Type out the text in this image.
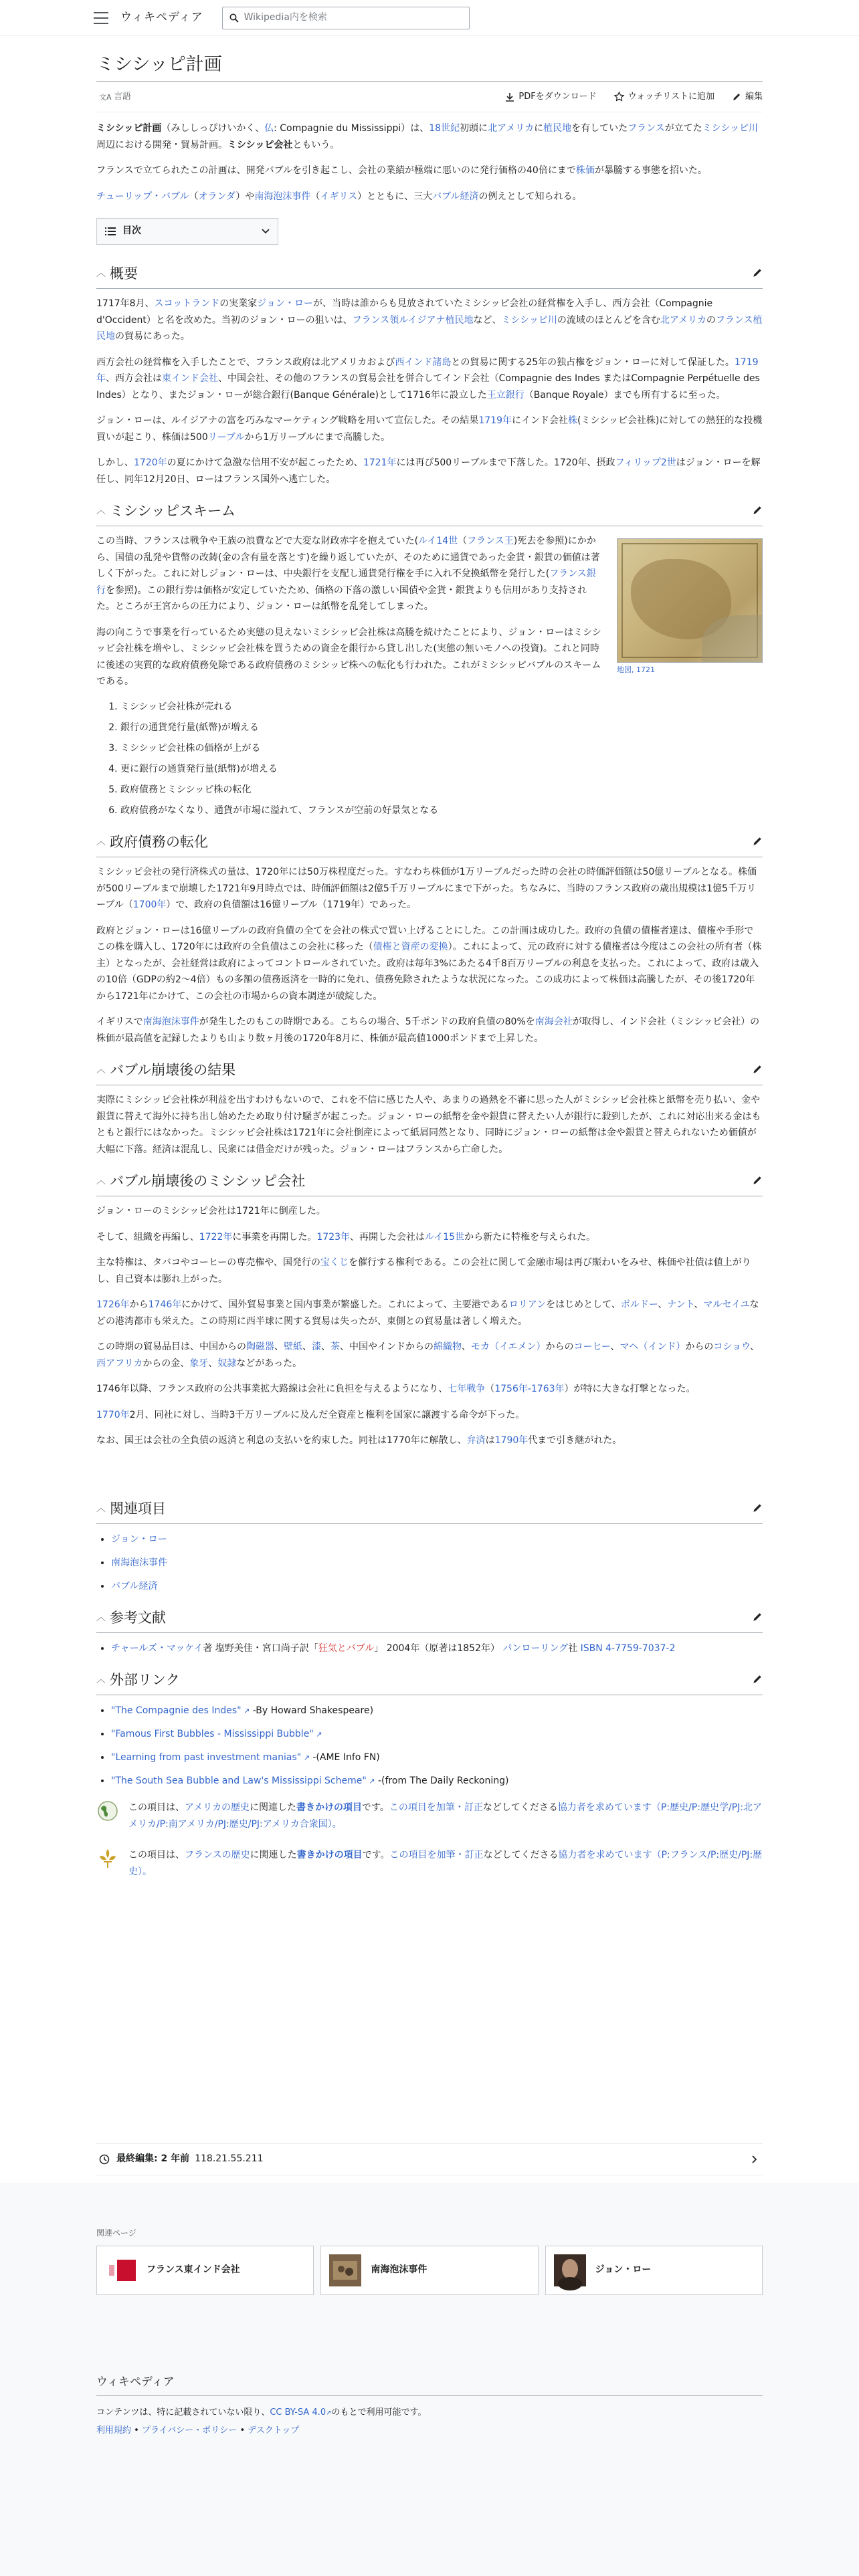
ウィキペディア	Wikipedia内を検索
ミシシッピ計画
文A 言語	PDFをダウンロード	ウォッチリストに追加	編集

ミシシッピ計画（みししっぴけいかく、仏: Compagnie du Mississippi）は、18世紀初頭に北アメリカに植民地を有していたフランスが立てたミシシッピ川周辺における開発・貿易計画。ミシシッピ会社ともいう。

フランスで立てられたこの計画は、開発バブルを引き起こし、会社の業績が極端に悪いのに発行価格の40倍にまで株価が暴騰する事態を招いた。

チューリップ・バブル（オランダ）や南海泡沫事件（イギリス）とともに、三大バブル経済の例えとして知られる。

目次
︿ 概要

1717年8月、スコットランドの実業家ジョン・ローが、当時は誰からも見放されていたミシシッピ会社の経営権を入手し、西方会社（Compagnie d'Occident）と名を改めた。当初のジョン・ローの狙いは、フランス領ルイジアナ植民地など、ミシシッピ川の流域のほとんどを含む北アメリカのフランス植民地の貿易にあった。

西方会社の経営権を入手したことで、フランス政府は北アメリカおよび西インド諸島との貿易に関する25年の独占権をジョン・ローに対して保証した。1719年、西方会社は東インド会社、中国会社、その他のフランスの貿易会社を併合してインド会社（Compagnie des Indes またはCompagnie Perpétuelle des Indes）となり、またジョン・ローが総合銀行(Banque Générale)として1716年に設立した王立銀行（Banque Royale）までも所有するに至った。

ジョン・ローは、ルイジアナの富を巧みなマーケティング戦略を用いて宣伝した。その結果1719年にインド会社株(ミシシッピ会社株)に対しての熱狂的な投機買いが起こり、株価は500リーブルから1万リーブルにまで高騰した。

しかし、1720年の夏にかけて急激な信用不安が起こったため、1721年には再び500リーブルまで下落した。1720年、摂政フィリップ2世はジョン・ローを解任し、同年12月20日、ローはフランス国外へ逃亡した。

︿ ミシシッピスキーム
地図, 1721

この当時、フランスは戦争や王族の浪費などで大変な財政赤字を抱えていた(ルイ14世（フランス王)死去を参照)にかから、国債の乱発や貨幣の改鋳(金の含有量を落とす)を繰り返していたが、そのために通貨であった金貨・銀貨の価値は著しく下がった。これに対しジョン・ローは、中央銀行を支配し通貨発行権を手に入れ不兌換紙幣を発行した(フランス銀行を参照)。この銀行券は価格が安定していたため、価格の下落の激しい国債や金貨・銀貨よりも信用があり支持された。ところが王宮からの圧力により、ジョン・ローは紙幣を乱発してしまった。

海の向こうで事業を行っているため実態の見えないミシシッピ会社株は高騰を続けたことにより、ジョン・ローはミシシッピ会社株を増やし、ミシシッピ会社株を買うための資金を銀行から貸し出した(実態の無いモノへの投資)。これと同時に後述の実質的な政府債務免除である政府債務のミシシッピ株への転化も行われた。これがミシシッピバブルのスキームである。

1. ミシシッピ会社株が売れる
2. 銀行の通貨発行量(紙幣)が増える
3. ミシシッピ会社株の価格が上がる
4. 更に銀行の通貨発行量(紙幣)が増える
5. 政府債務とミシシッピ株の転化
6. 政府債務がなくなり、通貨が市場に溢れて、フランスが空前の好景気となる
︿ 政府債務の転化

ミシシッピ会社の発行済株式の量は、1720年には50万株程度だった。すなわち株価が1万リーブルだった時の会社の時価評価額は50億リーブルとなる。株価が500リーブルまで崩壊した1721年9月時点では、時価評価額は2億5千万リーブルにまで下がった。ちなみに、当時のフランス政府の歳出規模は1億5千万リーブル（1700年）で、政府の負債額は16億リーブル（1719年）であった。

政府とジョン・ローは16億リーブルの政府負債の全てを会社の株式で買い上げることにした。この計画は成功した。政府の負債の債権者達は、債権や手形でこの株を購入し、1720年には政府の全負債はこの会社に移った（債権と資産の変換）。これによって、元の政府に対する債権者は今度はこの会社の所有者（株主）となったが、会社経営は政府によってコントロールされていた。政府は毎年3%にあたる4千8百万リーブルの利息を支払った。これによって、政府は歳入の10倍（GDPの約2〜4倍）もの多額の債務返済を一時的に免れ、債務免除されたような状況になった。この成功によって株価は高騰したが、その後1720年から1721年にかけて、この会社の市場からの資本調達が破綻した。

イギリスで南海泡沫事件が発生したのもこの時期である。こちらの場合、5千ポンドの政府負債の80%を南海会社が取得し、インド会社（ミシシッピ会社）の株価が最高値を記録したよりも山より数ヶ月後の1720年8月に、株価が最高値1000ポンドまで上昇した。

︿ バブル崩壊後の結果

実際にミシシッピ会社株が利益を出すわけもないので、これを不信に感じた人や、あまりの過熱を不審に思った人がミシシッピ会社株と紙幣を売り払い、金や銀貨に替えて海外に持ち出し始めたため取り付け騒ぎが起こった。ジョン・ローの紙幣を金や銀貨に替えたい人が銀行に殺到したが、これに対応出来る金はもともと銀行にはなかった。ミシシッピ会社株は1721年に会社倒産によって紙屑同然となり、同時にジョン・ローの紙幣は金や銀貨と替えられないため価値が大幅に下落。経済は混乱し、民衆には借金だけが残った。ジョン・ローはフランスから亡命した。

︿ バブル崩壊後のミシシッピ会社

ジョン・ローのミシシッピ会社は1721年に倒産した。

そして、組織を再編し、1722年に事業を再開した。1723年、再開した会社はルイ15世から新たに特権を与えられた。

主な特権は、タバコやコーヒーの専売権や、国発行の宝くじを催行する権利である。この会社に関して金融市場は再び賑わいをみせ、株価や社債は値上がりし、自己資本は膨れ上がった。

1726年から1746年にかけて、国外貿易事業と国内事業が繁盛した。これによって、主要港であるロリアンをはじめとして、ボルドー、ナント、マルセイユなどの港湾都市も栄えた。この時期に西半球に関する貿易は失ったが、東側との貿易量は著しく増えた。

この時期の貿易品目は、中国からの陶磁器、壁紙、漆、茶、中国やインドからの綿織物、モカ（イエメン）からのコーヒー、マヘ（インド）からのコショウ、西アフリカからの金、象牙、奴隷などがあった。

1746年以降、フランス政府の公共事業拡大路線は会社に負担を与えるようになり、七年戦争（1756年-1763年）が特に大きな打撃となった。

1770年2月、同社に対し、当時3千万リーブルに及んだ全資産と権利を国家に譲渡する命令が下った。

なお、国王は会社の全負債の返済と利息の支払いを約束した。同社は1770年に解散し、弁済は1790年代まで引き継がれた。

︿ 関連項目
• ジョン・ロー
• 南海泡沫事件
• バブル経済
︿ 参考文献
• チャールズ・マッケイ著 塩野美佳・宮口尚子訳「狂気とバブル」 2004年（原著は1852年） パンローリング社 ISBN 4-7759-7037-2
︿ 外部リンク
• "The Compagnie des Indes" ↗ -By Howard Shakespeare)
• "Famous First Bubbles - Mississippi Bubble" ↗
• "Learning from past investment manias" ↗ -(AME Info FN)
• "The South Sea Bubble and Law's Mississippi Scheme" ↗ -(from The Daily Reckoning)
この項目は、アメリカの歴史に関連した書きかけの項目です。この項目を加筆・訂正などしてくださる協力者を求めています（P:歴史/P:歴史学/PJ:北アメリカ/P:南アメリカ/PJ:歴史/PJ:アメリカ合衆国）。
この項目は、フランスの歴史に関連した書きかけの項目です。この項目を加筆・訂正などしてくださる協力者を求めています（P:フランス/P:歴史/PJ:歴史）。
最終編集: 2 年前 118.21.55.211
関連ページ
フランス東インド会社	南海泡沫事件	ジョン・ロー
ウィキペディア
コンテンツは、特に記載されていない限り、CC BY-SA 4.0↗のもとで利用可能です。
利用規約 • プライバシー・ポリシー • デスクトップ
